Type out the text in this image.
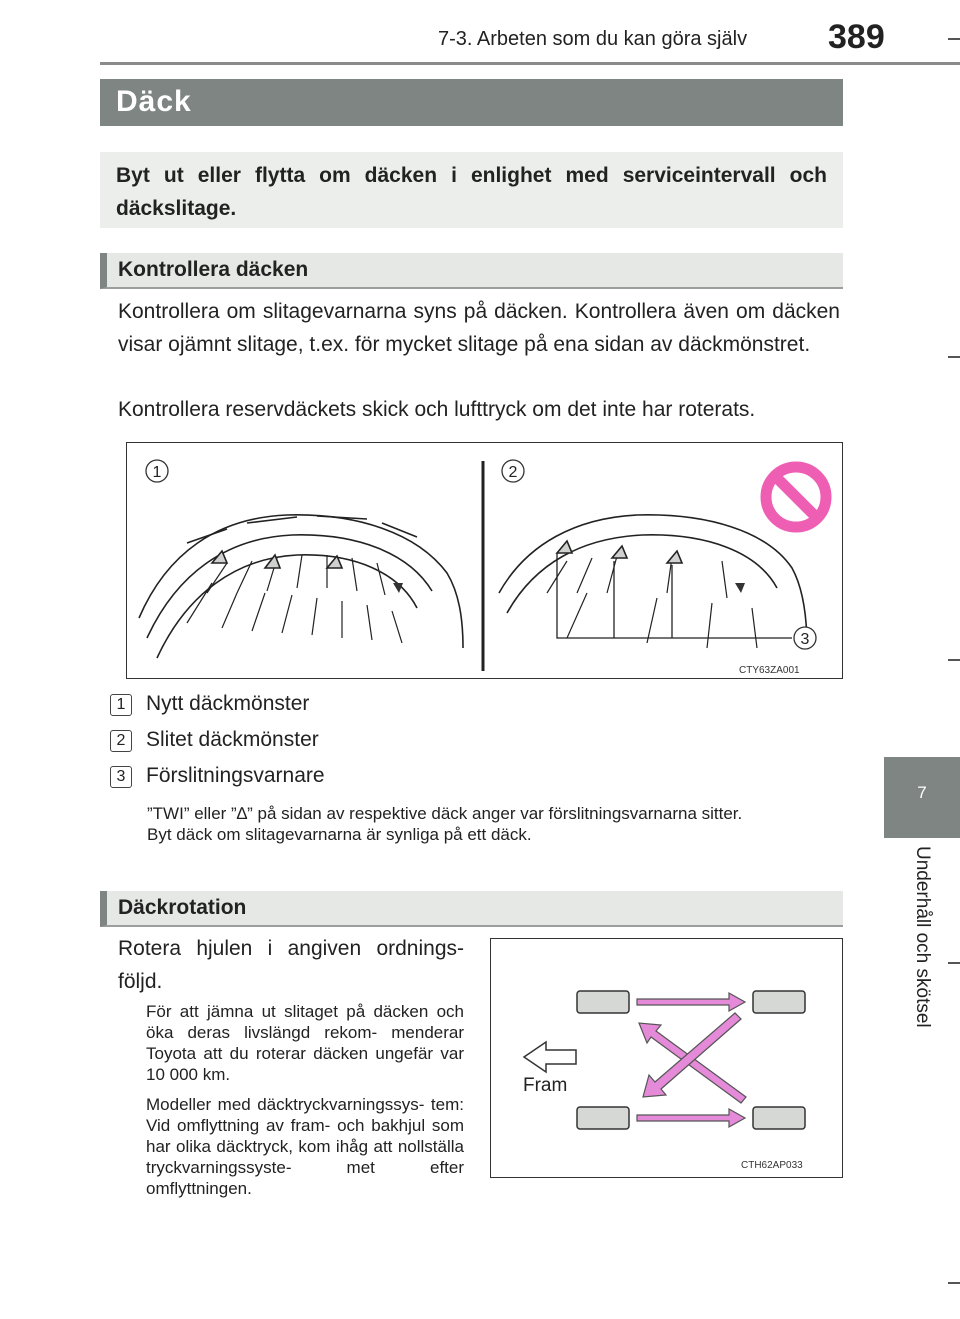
7-3. Arbeten som du kan göra själv 389
7
Underhåll och skötsel
Däck
Byt ut eller flytta om däcken i enlighet med serviceintervall och däckslitage.
Kontrollera däcken
Kontrollera om slitagevarnarna syns på däcken. Kontrollera även om däcken visar ojämnt slitage, t.ex. för mycket slitage på ena sidan av däckmönstret.
Kontrollera reservdäckets skick och lufttryck om det inte har roterats.
1	2
3
CTY63ZA001
1 Nytt däckmönster
2 Slitet däckmönster
3 Förslitningsvarnare
”TWI” eller ”∆” på sidan av respektive däck anger var förslitningsvarnarna sitter.
Byt däck om slitagevarnarna är synliga på ett däck.
Däckrotation
Rotera hjulen i angiven ordnings- följd.
För att jämna ut slitaget på däcken och öka deras livslängd rekom- menderar Toyota att du roterar däcken ungefär var 10 000 km.
Modeller med däcktryckvarningssys- tem: Vid omflyttning av fram- och bakhjul som har olika däcktryck, kom ihåg att nollställa tryckvarningssyste- met efter omflyttningen.
Fram
CTH62AP033
